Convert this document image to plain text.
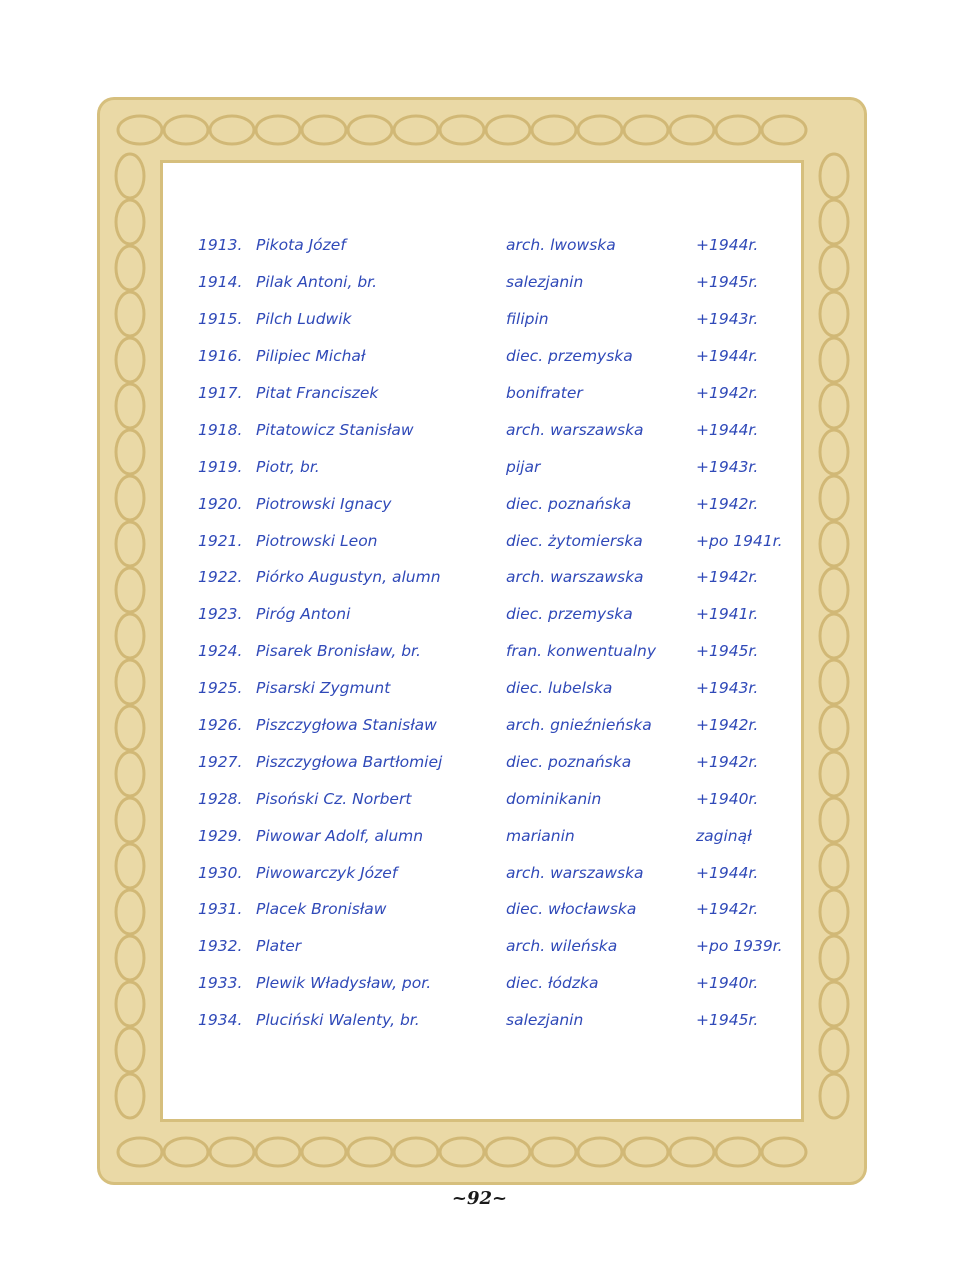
1913. Pikota Józef	arch. lwowska	+1944r.
1914. Pilak Antoni, br.	salezjanin	+1945r.
1915. Pilch Ludwik	filipin	+1943r.
1916. Pilipiec Michał	diec. przemyska	+1944r.
1917. Pitat Franciszek	bonifrater	+1942r.
1918. Pitatowicz Stanisław	arch. warszawska	+1944r.
1919. Piotr, br.	pijar	+1943r.
1920. Piotrowski Ignacy	diec. poznańska	+1942r.
1921. Piotrowski Leon	diec. żytomierska	+po 1941r.
1922. Piórko Augustyn, alumn	arch. warszawska	+1942r.
1923. Piróg Antoni	diec. przemyska	+1941r.
1924. Pisarek Bronisław, br.	fran. konwentualny	+1945r.
1925. Pisarski Zygmunt	diec. lubelska	+1943r.
1926. Piszczygłowa Stanisław	arch. gnieźnieńska	+1942r.
1927. Piszczygłowa Bartłomiej	diec. poznańska	+1942r.
1928. Pisoński Cz. Norbert	dominikanin	+1940r.
1929. Piwowar Adolf, alumn	marianin	zaginął
1930. Piwowarczyk Józef	arch. warszawska	+1944r.
1931. Placek Bronisław	diec. włocławska	+1942r.
1932. Plater	arch. wileńska	+po 1939r.
1933. Plewik Władysław, por.	diec. łódzka	+1940r.
1934. Pluciński Walenty, br.	salezjanin	+1945r.
~92~
